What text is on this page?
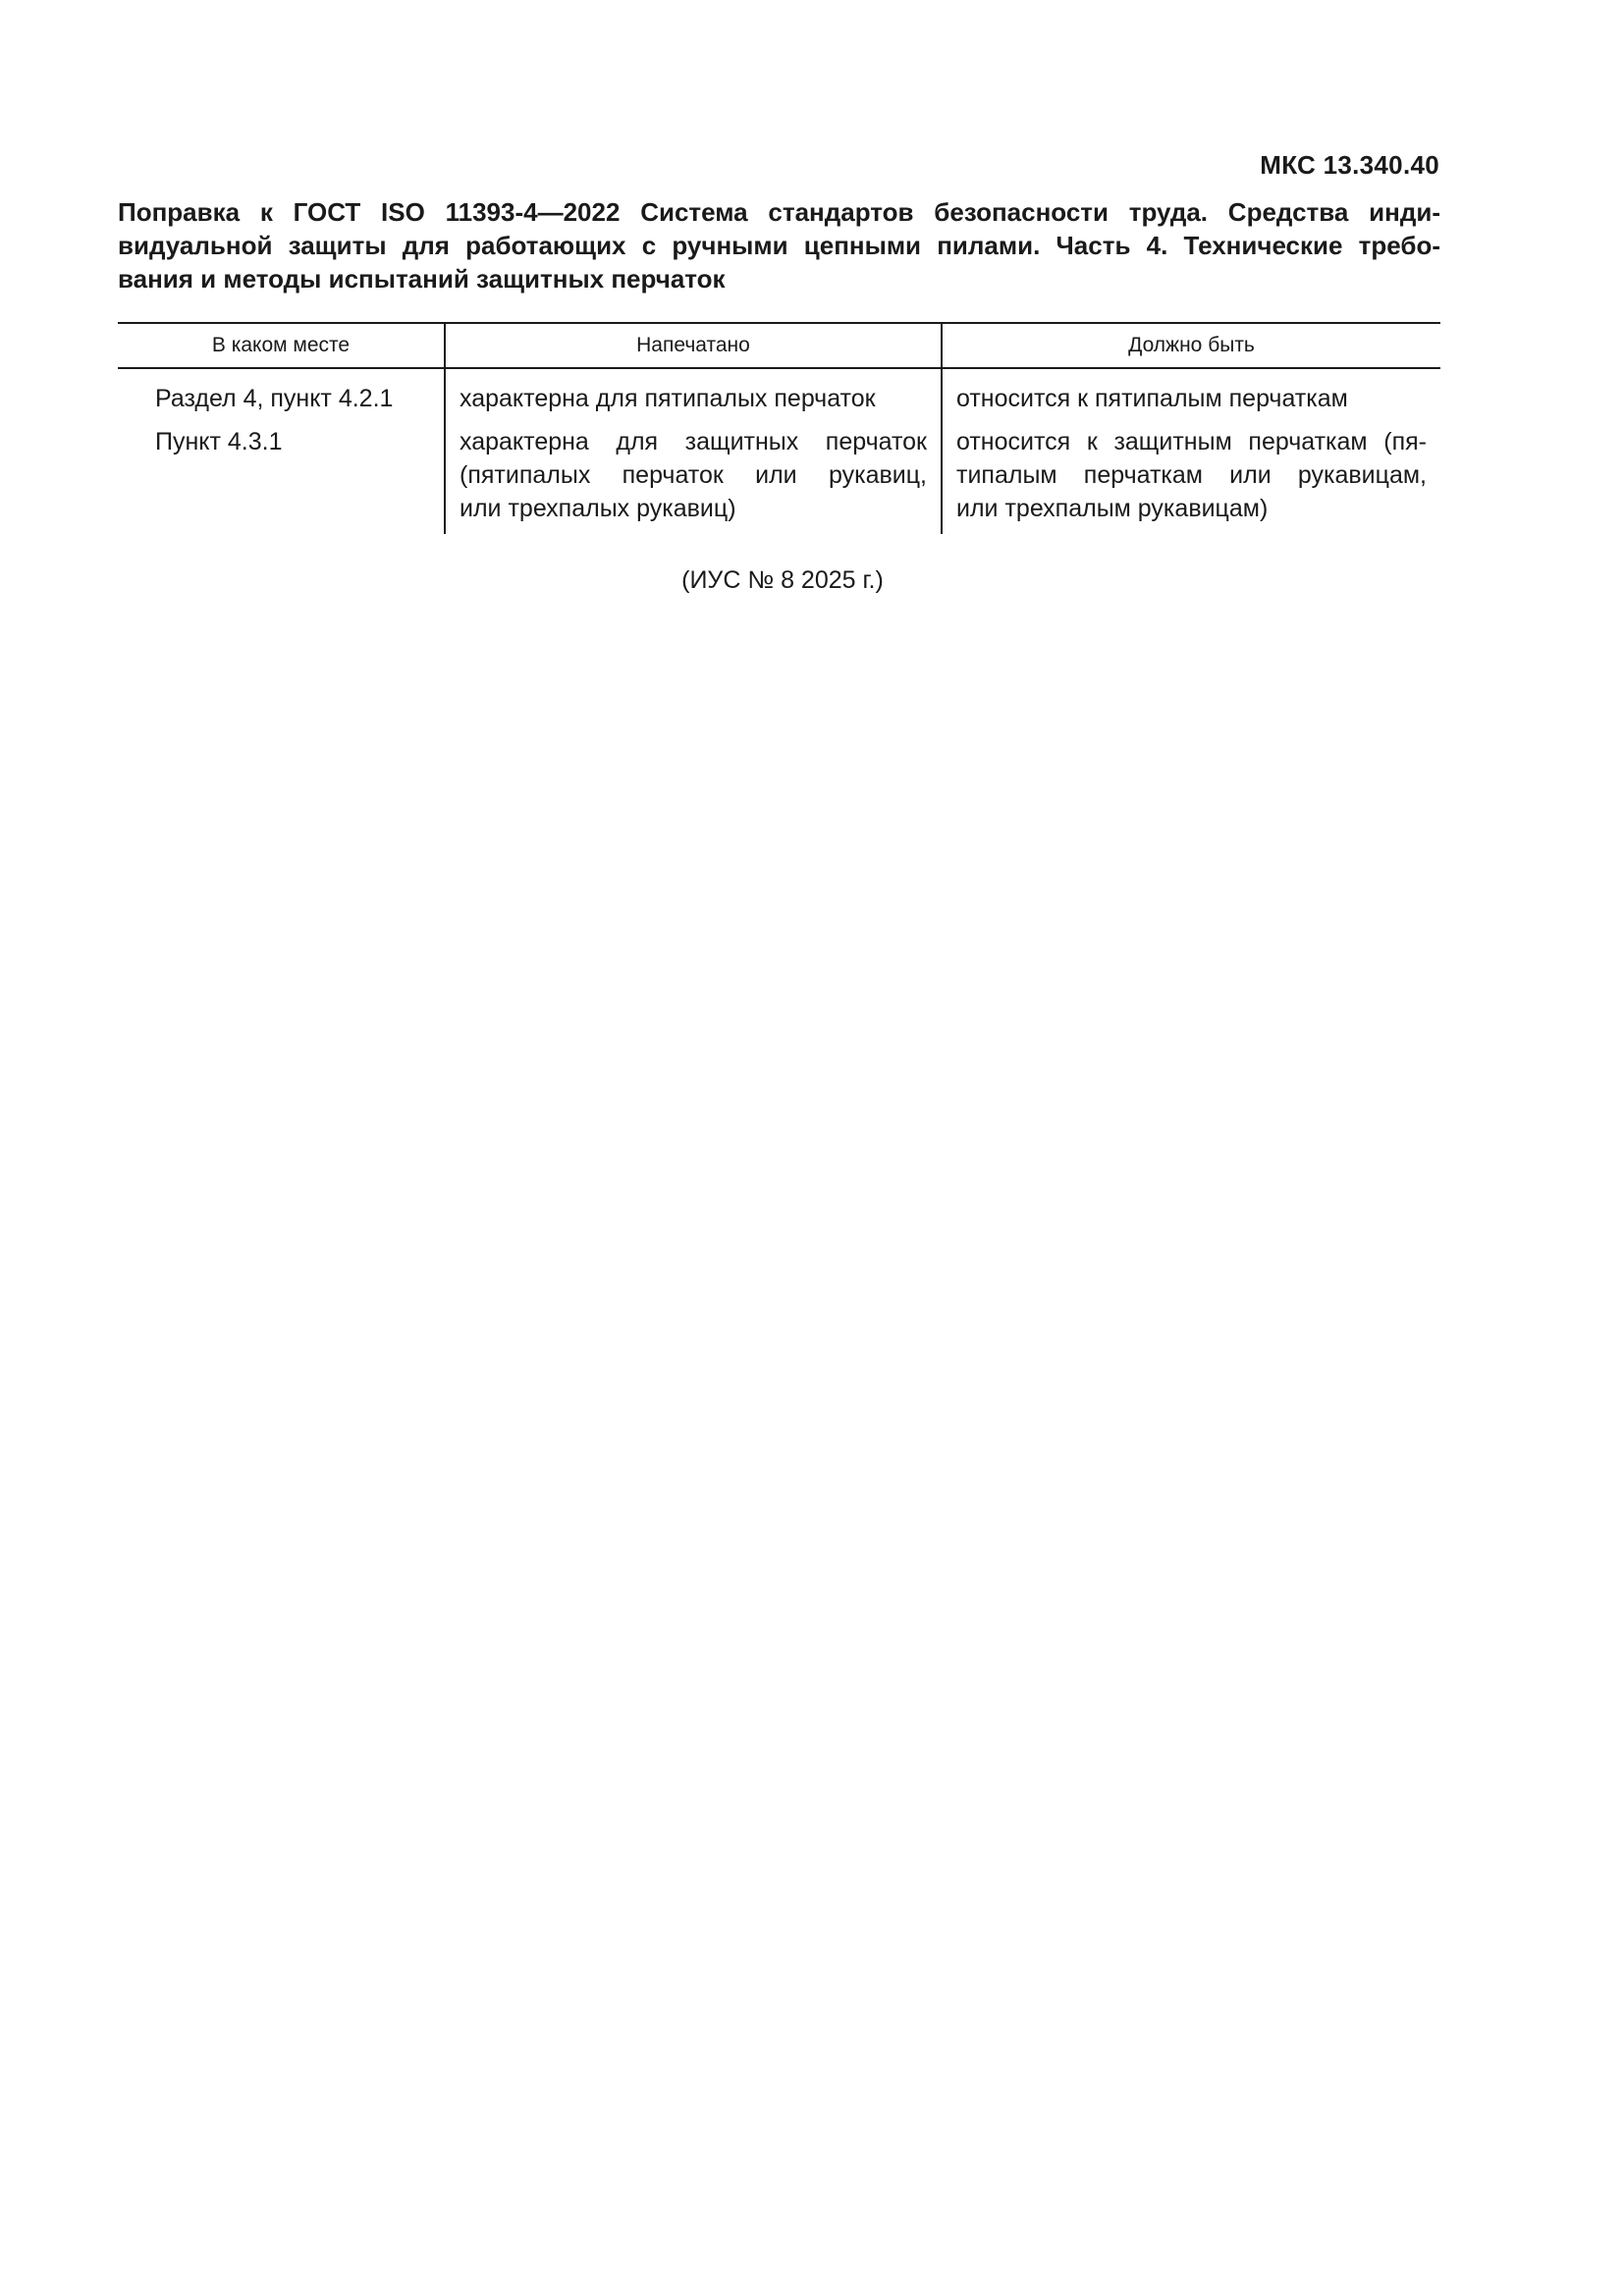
МКС 13.340.40
Поправка к ГОСТ ISO 11393-4—2022 Система стандартов безопасности труда. Средства инди-
видуальной защиты для работающих с ручными цепными пилами. Часть 4. Технические требо-
вания и методы испытаний защитных перчаток
В каком месте	Напечатано	Должно быть
Раздел 4, пункт 4.2.1	характерна для пятипалых перчаток	относится к пятипалым перчаткам

Пункт 4.3.1	характерна для защитных перчаток
(пятипалых перчаток или рукавиц,
или трехпалых рукавиц)	относится к защитным перчаткам (пя-
типалым перчаткам или рукавицам,
или трехпалым рукавицам)
(ИУС № 8 2025 г.)
